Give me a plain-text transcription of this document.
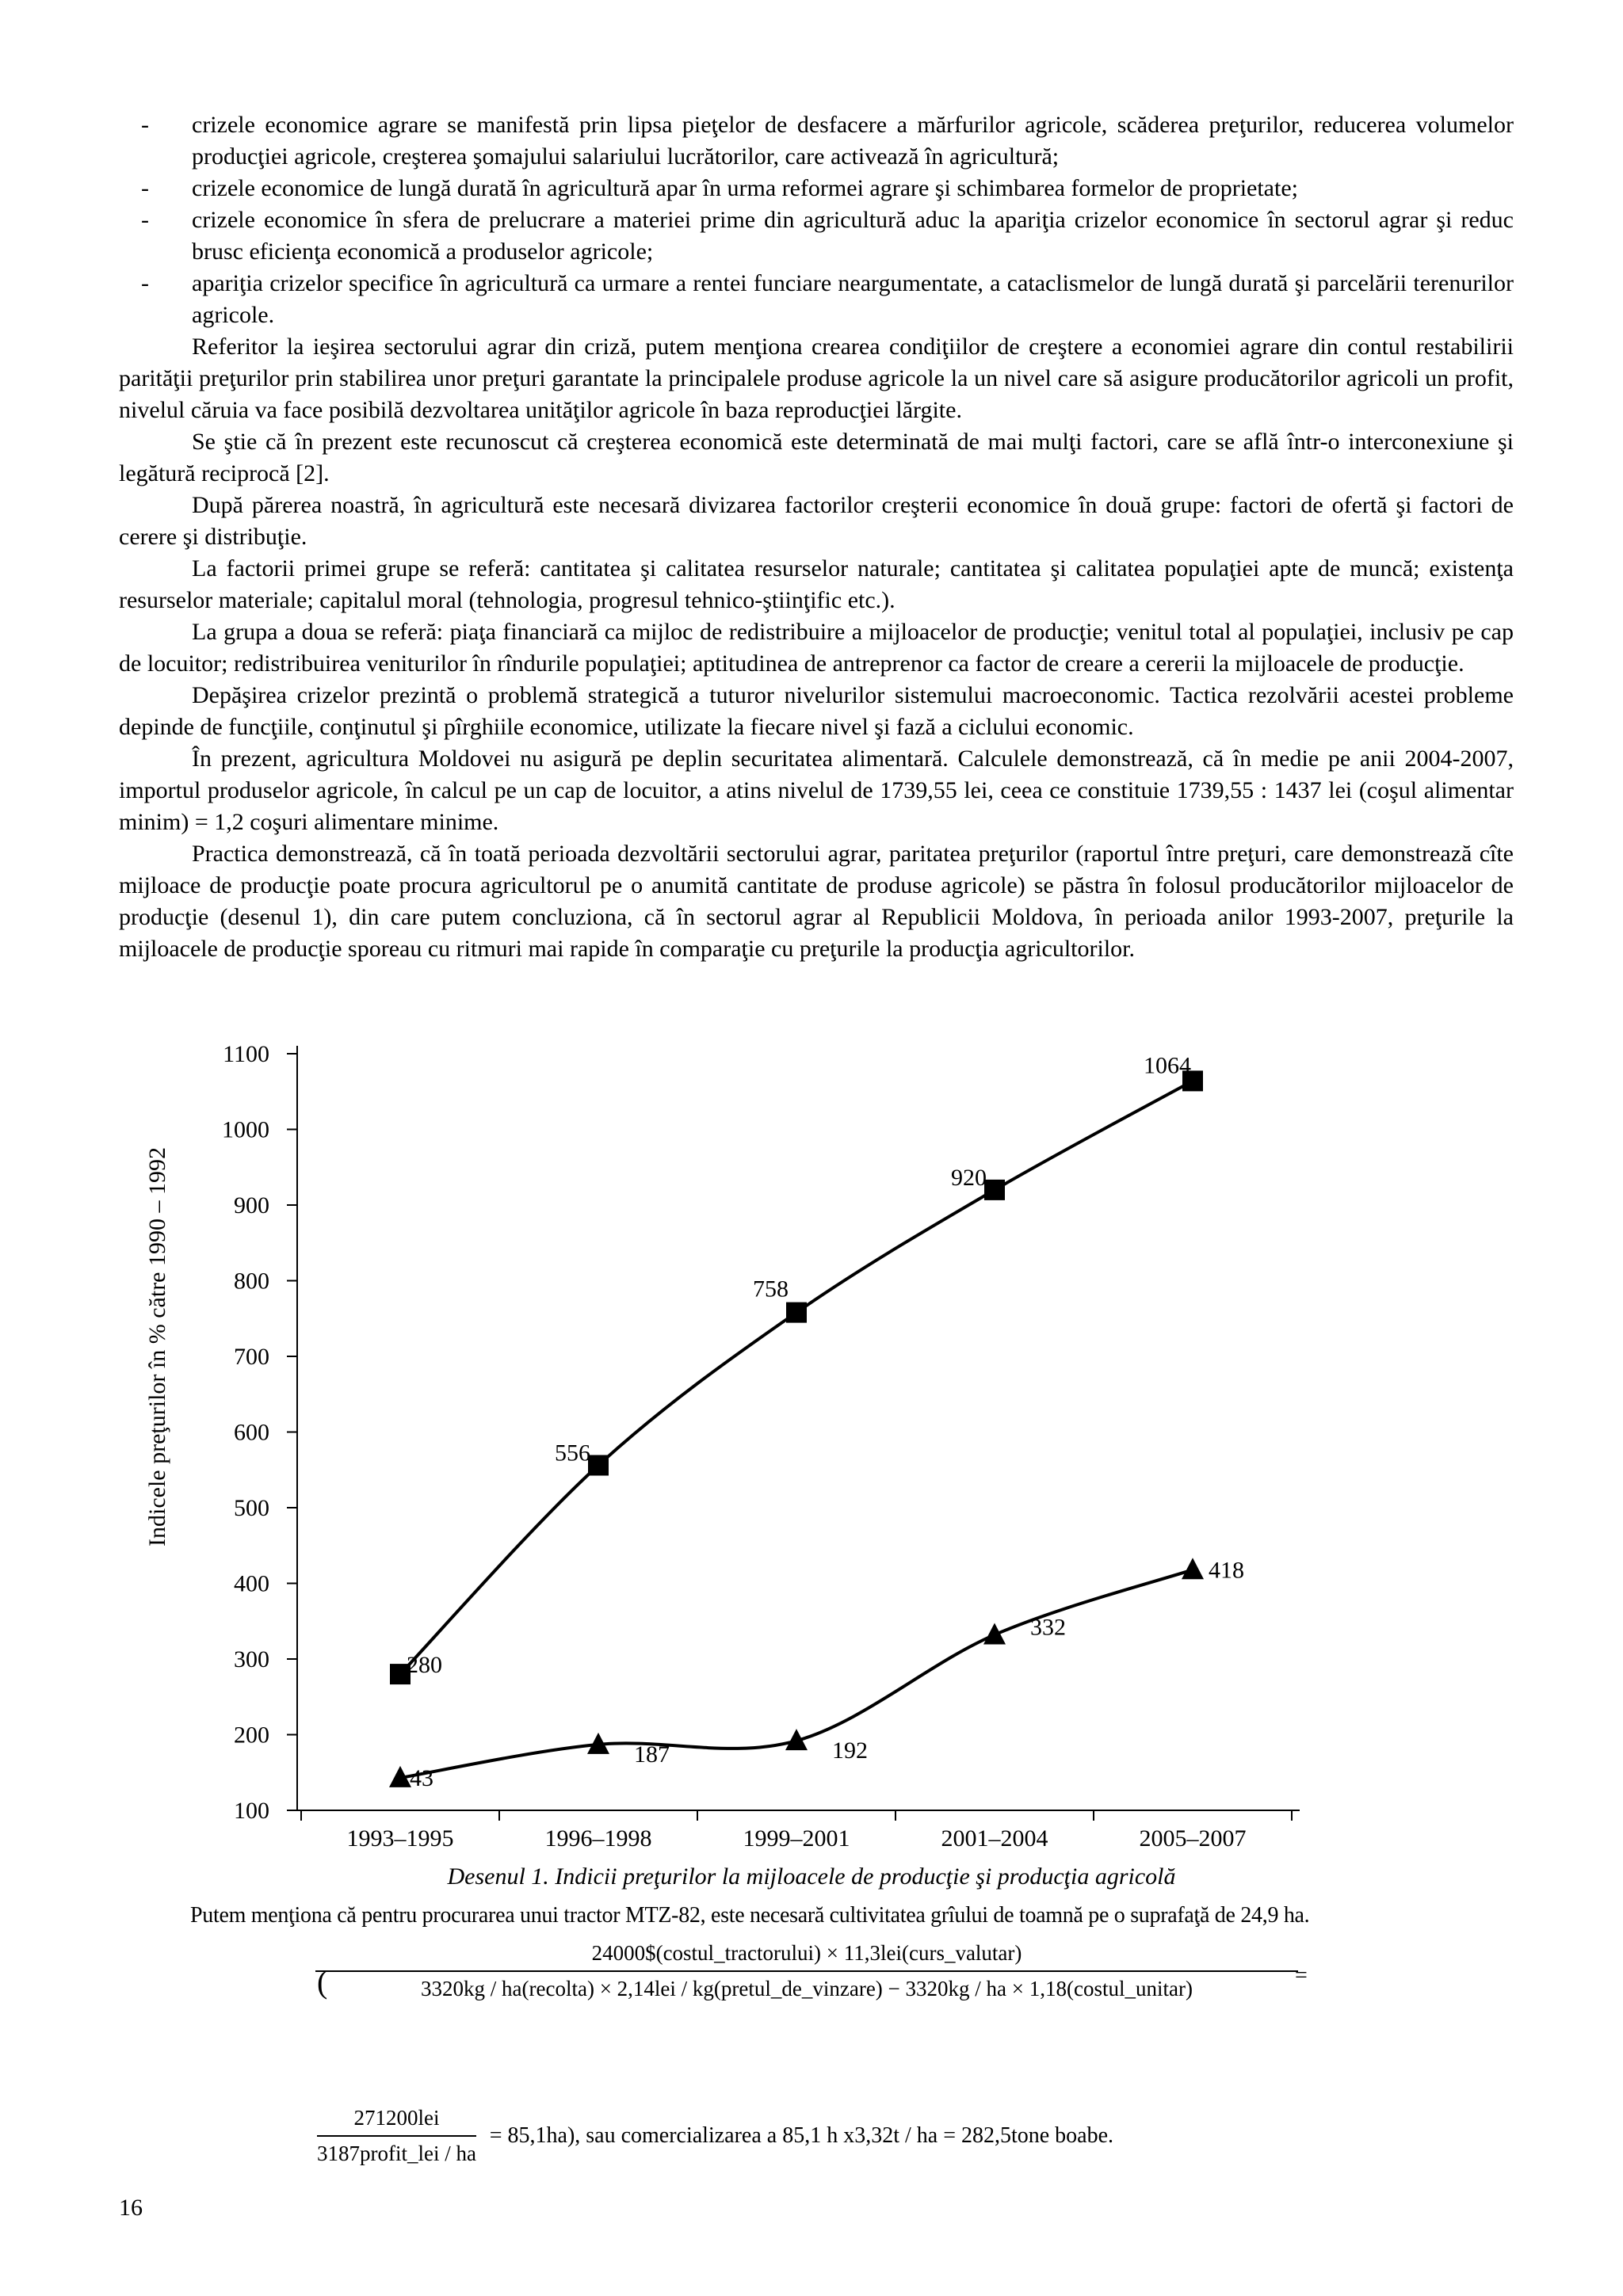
- crizele economice agrare se manifestă prin lipsa pieţelor de desfacere a mărfurilor agricole, scăderea preţurilor, reducerea volumelor producţiei agricole, creşterea şomajului salariului lucrătorilor, care activează în agricultură;
- crizele economice de lungă durată în agricultură apar în urma reformei agrare şi schimbarea formelor de proprietate;
- crizele economice în sfera de prelucrare a materiei prime din agricultură aduc la apariţia crizelor economice în sectorul agrar şi reduc brusc eficienţa economică a produselor agricole;
- apariţia crizelor specifice în agricultură ca urmare a rentei funciare neargumentate, a cataclismelor de lungă durată şi parcelării terenurilor agricole.

Referitor la ieşirea sectorului agrar din criză, putem menţiona crearea condiţiilor de creştere a economiei agrare din contul restabilirii parităţii preţurilor prin stabilirea unor preţuri garantate la principalele produse agricole la un nivel care să asigure producătorilor agricoli un profit, nivelul căruia va face posibilă dezvoltarea unităţilor agricole în baza reproducţiei lărgite.

Se ştie că în prezent este recunoscut că creşterea economică este determinată de mai mulţi factori, care se află într-o interconexiune şi legătură reciprocă [2].

După părerea noastră, în agricultură este necesară divizarea factorilor creşterii economice în două grupe: factori de ofertă şi factori de cerere şi distribuţie.

La factorii primei grupe se referă: cantitatea şi calitatea resurselor naturale; cantitatea şi calitatea populaţiei apte de muncă; existenţa resurselor materiale; capitalul moral (tehnologia, progresul tehnico-ştiinţific etc.).

La grupa a doua se referă: piaţa financiară ca mijloc de redistribuire a mijloacelor de producţie; venitul total al populaţiei, inclusiv pe cap de locuitor; redistribuirea veniturilor în rîndurile populaţiei; aptitudinea de antreprenor ca factor de creare a cererii la mijloacele de producţie.

Depăşirea crizelor prezintă o problemă strategică a tuturor nivelurilor sistemului macroeconomic. Tactica rezolvării acestei probleme depinde de funcţiile, conţinutul şi pîrghiile economice, utilizate la fiecare nivel şi fază a ciclului economic.

În prezent, agricultura Moldovei nu asigură pe deplin securitatea alimentară. Calculele demonstrează, că în medie pe anii 2004-2007, importul produselor agricole, în calcul pe un cap de locuitor, a atins nivelul de 1739,55 lei, ceea ce constituie 1739,55 : 1437 lei (coşul alimentar minim) = 1,2 coşuri alimentare minime.

Practica demonstrează, că în toată perioada dezvoltării sectorului agrar, paritatea preţurilor (raportul între preţuri, care demonstrează cîte mijloace de producţie poate procura agricultorul pe o anumită cantitate de produse agricole) se păstra în folosul producătorilor mijloacelor de producţie (desenul 1), din care putem concluziona, că în sectorul agrar al Republicii Moldova, în perioada anilor 1993-2007, preţurile la mijloacele de producţie sporeau cu ritmuri mai rapide în comparaţie cu preţurile la producţia agricultorilor.

100
200
300
400
500
600
700
800
900
1000
1100
1993–1995	1996–1998	1999–2001	2001–2004	2005–2007
280
556
758
920
1064
43
187	192
332
418
Indicele preţurilor în % către 1990 – 1992
Desenul 1. Indicii preţurilor la mijloacele de producţie şi producţia agricolă
Putem menţiona că pentru procurarea unui tractor MTZ-82, este necesară cultivitatea grîului de toamnă pe o suprafaţă de 24,9 ha.
(
24000$(costul_tractorului) × 11,3lei(curs_valutar)
3320kg / ha(recolta) × 2,14lei / kg(pretul_de_vinzare) − 3320kg / ha × 1,18(costul_unitar)
=
271200lei
3187profit_lei / ha
= 85,1ha), sau comercializarea a 85,1 h x3,32t / ha = 282,5tone boabe.
16
